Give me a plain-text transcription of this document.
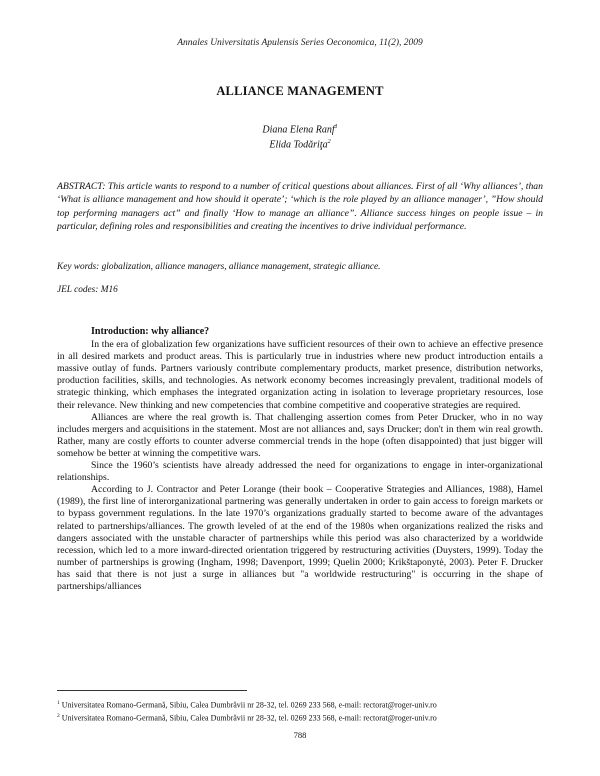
Annales Universitatis Apulensis Series Oeconomica, 11(2), 2009
ALLIANCE MANAGEMENT
Diana Elena Ranf$^1$
Elida Todăriţa$^2$
ABSTRACT: This article wants to respond to a number of critical questions about alliances. First of all ‘Why alliances’, than ‘What is alliance management and how should it operate’; ‘which is the role played by an alliance manager’, ”How should top performing managers act” and finally ‘How to manage an alliance”. Alliance success hinges on people issue – in particular, defining roles and responsibilities and creating the incentives to drive individual performance.
Key words: globalization, alliance managers, alliance management, strategic alliance.
JEL codes: M16
Introduction: why alliance?

In the era of globalization few organizations have sufficient resources of their own to achieve an effective presence in all desired markets and product areas. This is particularly true in industries where new product introduction entails a massive outlay of funds. Partners variously contribute complementary products, market presence, distribution networks, production facilities, skills, and technologies. As network economy becomes increasingly prevalent, traditional models of strategic thinking, which emphases the integrated organization acting in isolation to leverage proprietary resources, lose their relevance. New thinking and new competencies that combine competitive and cooperative strategies are required.

Alliances are where the real growth is. That challenging assertion comes from Peter Drucker, who in no way includes mergers and acquisitions in the statement. Most are not alliances and, says Drucker; don't in them win real growth. Rather, many are costly efforts to counter adverse commercial trends in the hope (often disappointed) that just bigger will somehow be better at winning the competitive wars.

Since the 1960’s scientists have already addressed the need for organizations to engage in inter-organizational relationships.

According to J. Contractor and Peter Lorange (their book – Cooperative Strategies and Alliances, 1988), Hamel (1989), the first line of interorganizational partnering was generally undertaken in order to gain access to foreign markets or to bypass government regulations. In the late 1970’s organizations gradually started to become aware of the advantages related to partnerships/alliances. The growth leveled of at the end of the 1980s when organizations realized the risks and dangers associated with the unstable character of partnerships while this period was also characterized by a worldwide recession, which led to a more inward-directed orientation triggered by restructuring activities (Duysters, 1999). Today the number of partnerships is growing (Ingham, 1998; Davenport, 1999; Quelin 2000; Krikštaponytė, 2003). Peter F. Drucker has said that there is not just a surge in alliances but "a worldwide restructuring" is occurring in the shape of partnerships/alliances

$^1$ Universitatea Romano-Germană, Sibiu, Calea Dumbrăvii nr 28-32, tel. 0269 233 568, e-mail: rectorat@roger-univ.ro
$^2$ Universitatea Romano-Germană, Sibiu, Calea Dumbrăvii nr 28-32, tel. 0269 233 568, e-mail: rectorat@roger-univ.ro
788
